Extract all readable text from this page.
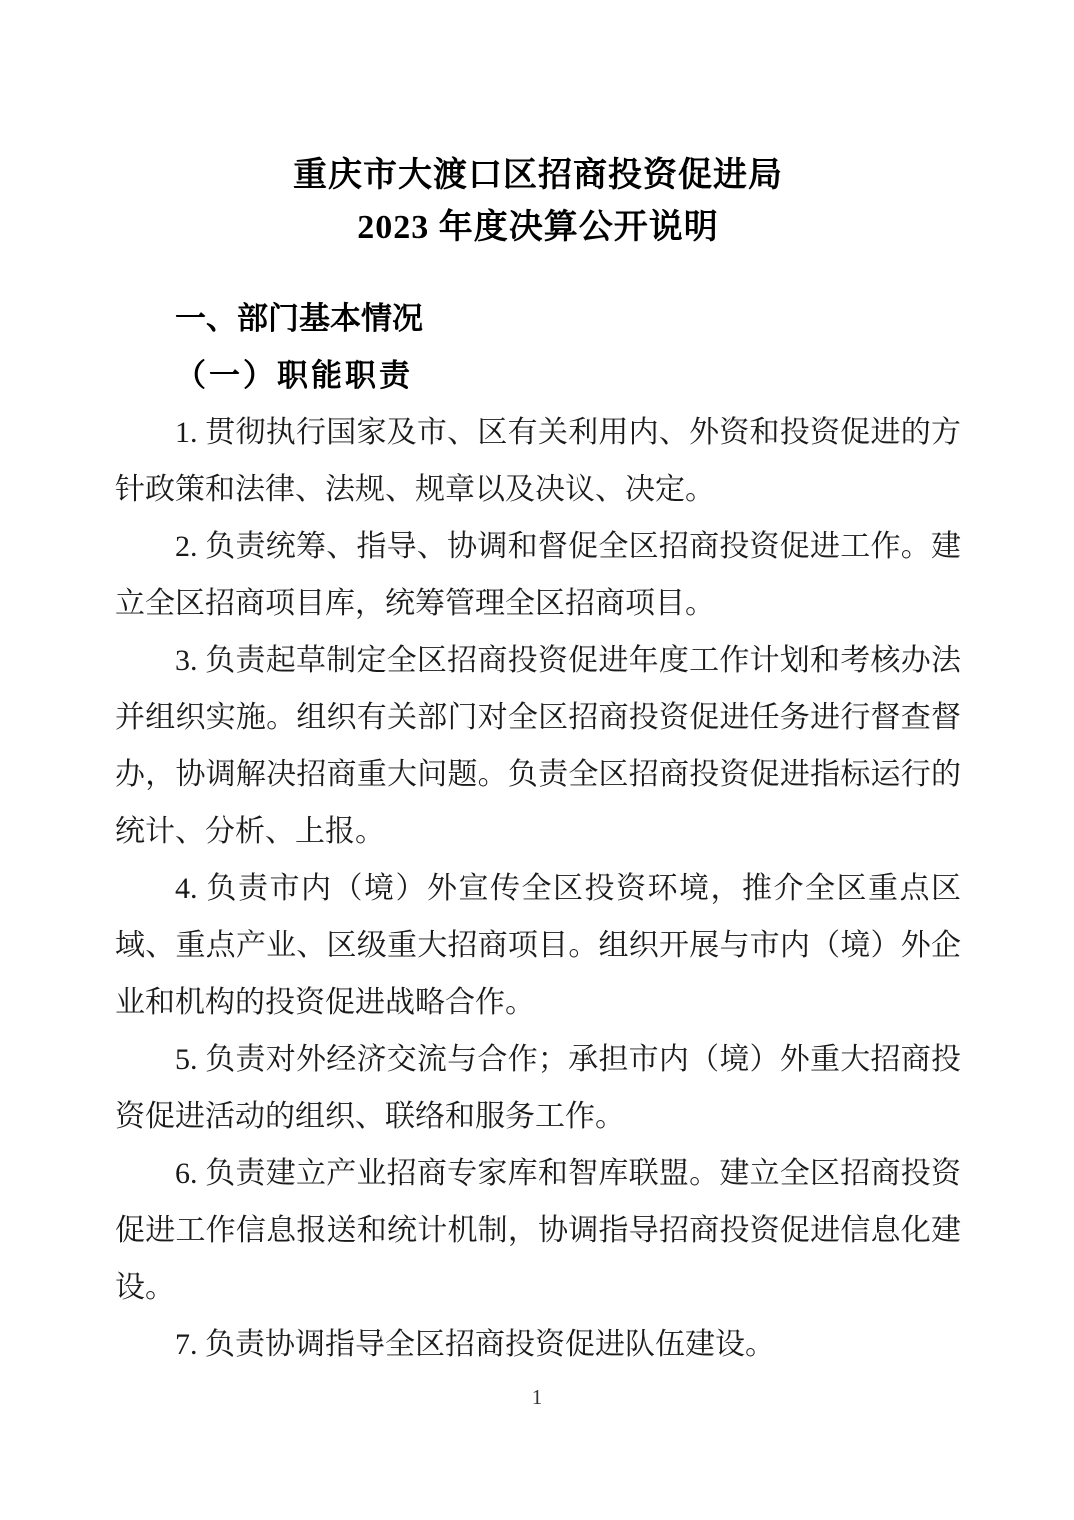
重庆市大渡口区招商投资促进局
2023 年度决算公开说明
一、部门基本情况
（一）职能职责

1. 贯彻执行国家及市、区有关利用内、外资和投资促进的方针政策和法律、法规、规章以及决议、决定。

2. 负责统筹、指导、协调和督促全区招商投资促进工作。建立全区招商项目库，统筹管理全区招商项目。

3. 负责起草制定全区招商投资促进年度工作计划和考核办法并组织实施。组织有关部门对全区招商投资促进任务进行督查督办，协调解决招商重大问题。负责全区招商投资促进指标运行的统计、分析、上报。

4. 负责市内（境）外宣传全区投资环境，推介全区重点区域、重点产业、区级重大招商项目。组织开展与市内（境）外企业和机构的投资促进战略合作。

5. 负责对外经济交流与合作；承担市内（境）外重大招商投资促进活动的组织、联络和服务工作。

6. 负责建立产业招商专家库和智库联盟。建立全区招商投资促进工作信息报送和统计机制，协调指导招商投资促进信息化建设。

7. 负责协调指导全区招商投资促进队伍建设。

1
